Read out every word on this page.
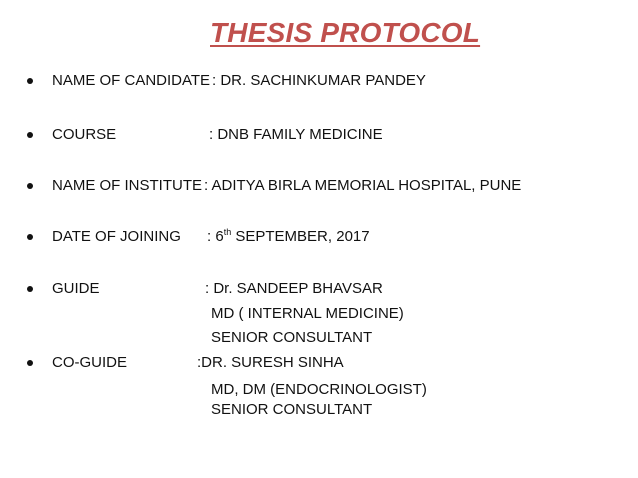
THESIS PROTOCOL
NAME OF CANDIDATE : DR. SACHINKUMAR PANDEY
COURSE	: DNB FAMILY MEDICINE
NAME OF INSTITUTE : ADITYA BIRLA MEMORIAL HOSPITAL, PUNE
DATE OF JOINING : 6th SEPTEMBER, 2017
GUIDE	: Dr. SANDEEP BHAVSAR
MD ( INTERNAL MEDICINE)
SENIOR CONSULTANT
CO-GUIDE	:DR. SURESH SINHA
MD, DM (ENDOCRINOLOGIST)
SENIOR CONSULTANT
